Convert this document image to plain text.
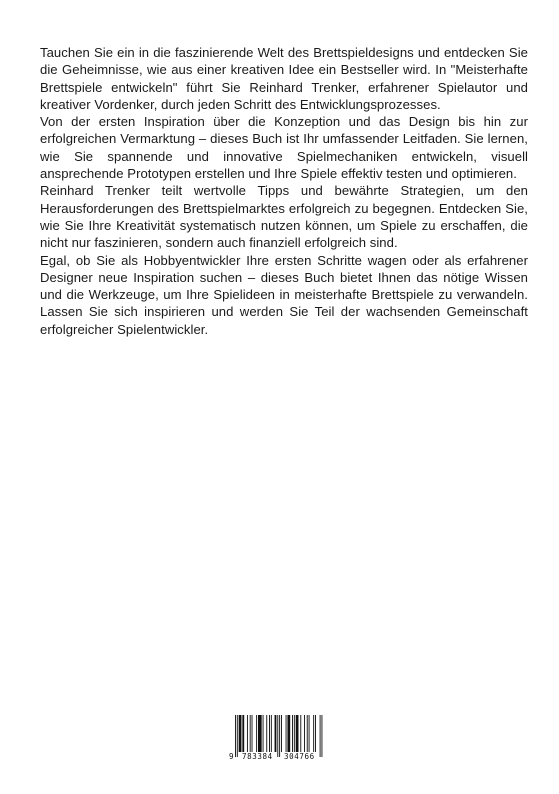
Tauchen Sie ein in die faszinierende Welt des Brettspieldesigns und entdecken Sie die Geheimnisse, wie aus einer kreativen Idee ein Bestseller wird. In "Meisterhafte Brettspiele entwickeln" führt Sie Reinhard Trenker, erfahrener Spielautor und kreativer Vordenker, durch jeden Schritt des Entwicklungsprozesses.

Von der ersten Inspiration über die Konzeption und das Design bis hin zur erfolgreichen Vermarktung – dieses Buch ist Ihr umfassender Leitfaden. Sie lernen, wie Sie spannende und innovative Spielmechaniken entwickeln, visuell ansprechende Prototypen erstellen und Ihre Spiele effektiv testen und optimieren.

Reinhard Trenker teilt wertvolle Tipps und bewährte Strategien, um den Herausforderungen des Brettspielmarktes erfolgreich zu begegnen. Entdecken Sie, wie Sie Ihre Kreativität systematisch nutzen können, um Spiele zu erschaffen, die nicht nur faszinieren, sondern auch finanziell erfolgreich sind.

Egal, ob Sie als Hobbyentwickler Ihre ersten Schritte wagen oder als erfahrener Designer neue Inspiration suchen – dieses Buch bietet Ihnen das nötige Wissen und die Werkzeuge, um Ihre Spielideen in meisterhafte Brettspiele zu verwandeln. Lassen Sie sich inspirieren und werden Sie Teil der wachsenden Gemeinschaft erfolgreicher Spielentwickler.

9 783384 304766
